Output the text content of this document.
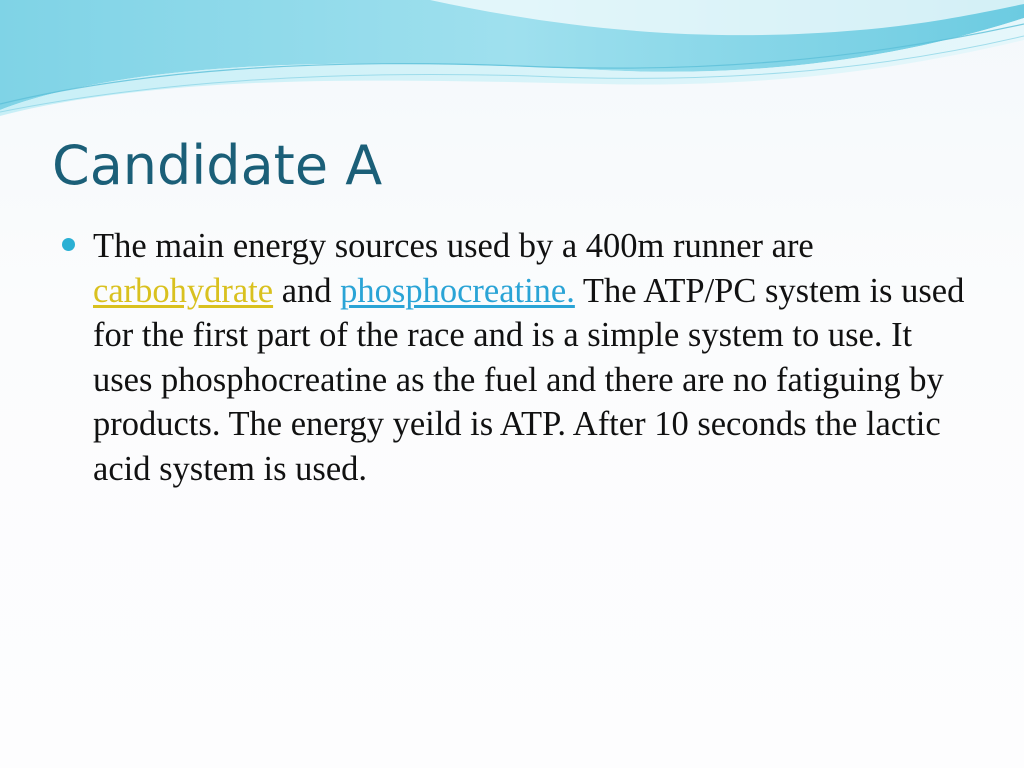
Candidate A

The main energy sources used by a 400m runner are carbohydrate and phosphocreatine. The ATP/PC system is used for the first part of the race and is a simple system to use. It uses phosphocreatine as the fuel and there are no fatiguing by products. The energy yeild is ATP. After 10 seconds the lactic acid system is used.
